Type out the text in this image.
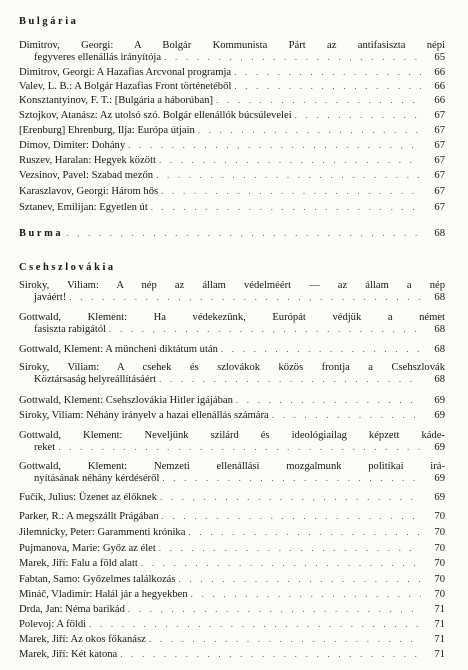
Bulgária
Dimitrov, Georgi: A Bolgár Kommunista Párt az antifasiszta népi
fegyveres ellenállás irányítója . . .	65
Dimitrov, Georgi: A Hazafias Arcvonal programja . . .	66
Valev, L. B.: A Bolgár Hazafias Front történetéből . . .	66
Konsztantyinov, F. T.: [Bulgária a háborúban] . . .	66
Sztojkov, Atanász: Az utolsó szó. Bolgár ellenállók búcsúlevelei . . .	67
[Erenburg] Ehrenburg, Ilja: Európa útjain . . .	67
Dimov, Dimiter: Dohány . . .	67
Ruszev, Haralan: Hegyek között . . .	67
Vezsinov, Pavel: Szabad mezőn . . .	67
Karaszlavov, Georgi: Három hős . . .	67
Sztanev, Emilijan: Egyetlen út . . .	67
Burma . . .	68
Csehszlovákia
Siroky, Viliam: A nép az állam védelméért — az állam a nép
javáért! . . .	68
Gottwald, Klement: Ha védekezünk, Európát védjük a német
fasiszta rabigától . . .	68
Gottwald, Klement: A müncheni diktátum után . . .	68
Siroky, Viliam: A csehek és szlovákok közös frontja a Csehszlovák
Köztársaság helyreállításáért . . .	68
Gottwald, Klement: Csehszlovákia Hitler igájában . . .	69
Siroky, Viliam: Néhány irányelv a hazai ellenállás számára . . .	69
Gottwald, Klement: Neveljünk szilárd és ideológiailag képzett káde-
reket . . .	69
Gottwald, Klement: Nemzeti ellenállási mozgalmunk politikai irá-
nyításának néhány kérdéséről . . .	69
Fučík, Julius: Üzenet az élőknek . . .	69
Parker, R.: A megszállt Prágában . . .	70
Jilemnicky, Peter: Garammenti krónika . . .	70
Pujmanova, Marie: Győz az élet . . .	70
Marek, Jiří: Falu a föld alatt . . .	70
Fabtan, Samo: Győzelmes találkozás . . .	70
Mináč, Vladimír: Halál jár a hegyekben . . .	70
Drda, Jan: Néma barikád . . .	71
Polevoj: A földi . . .	71
Marek, Jiří: Az okos főkanász . . .	71
Marek, Jiří: Két katona . . .	71
